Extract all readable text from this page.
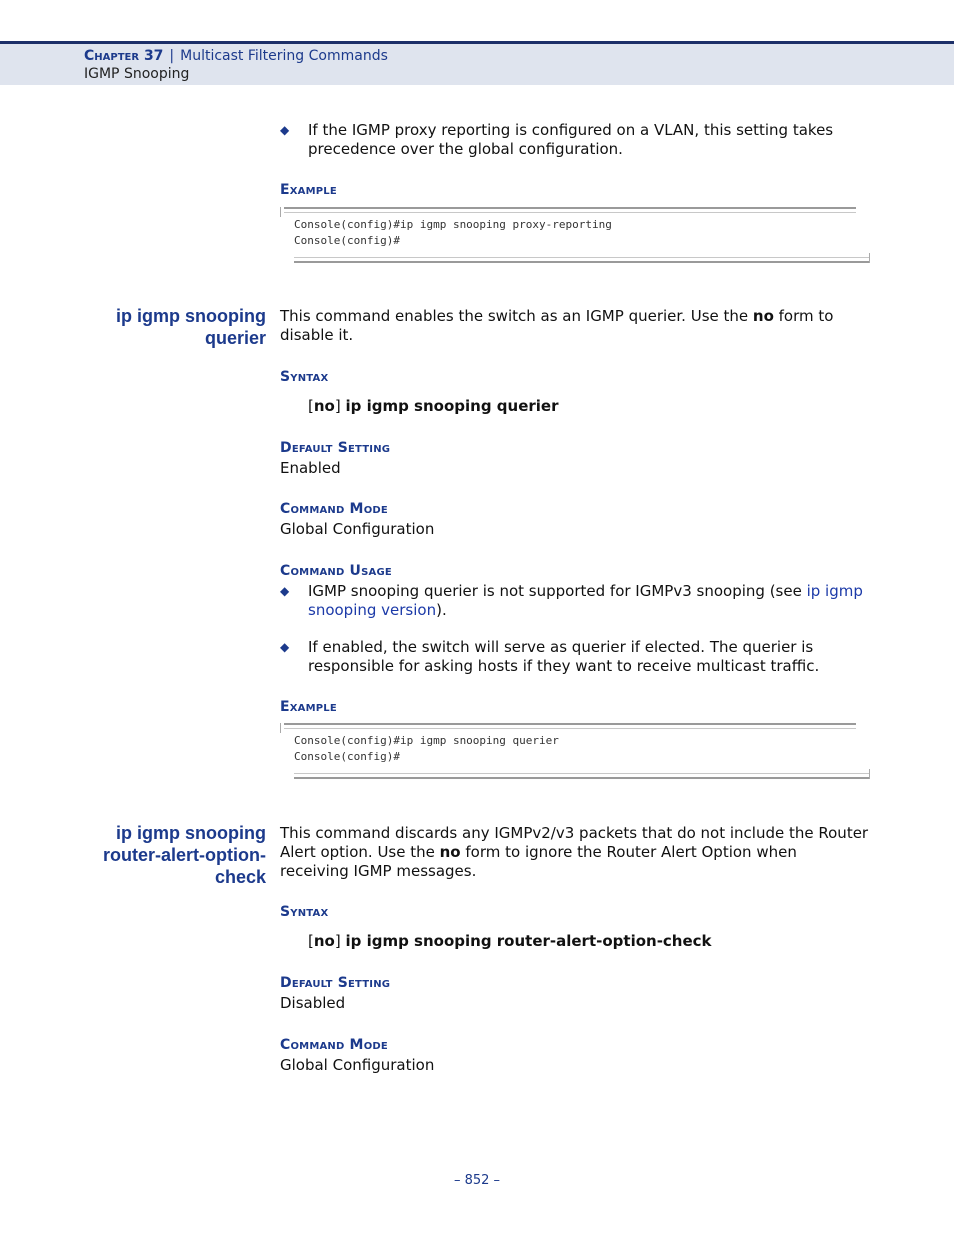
Chapter 37 | Multicast Filtering Commands
IGMP Snooping
◆ If the IGMP proxy reporting is configured on a VLAN, this setting takes precedence over the global configuration.
Example
Console(config)#ip igmp snooping proxy-reporting
Console(config)#
ip igmp snooping
querier
This command enables the switch as an IGMP querier. Use the no form to disable it.
Syntax
[no] ip igmp snooping querier
Default Setting
Enabled
Command Mode
Global Configuration
Command Usage
◆ IGMP snooping querier is not supported for IGMPv3 snooping (see ip igmp snooping version).
◆ If enabled, the switch will serve as querier if elected. The querier is responsible for asking hosts if they want to receive multicast traffic.
Example
Console(config)#ip igmp snooping querier
Console(config)#
ip igmp snooping
router-alert-option-
check
This command discards any IGMPv2/v3 packets that do not include the Router Alert option. Use the no form to ignore the Router Alert Option when receiving IGMP messages.
Syntax
[no] ip igmp snooping router-alert-option-check
Default Setting
Disabled
Command Mode
Global Configuration
– 852 –
